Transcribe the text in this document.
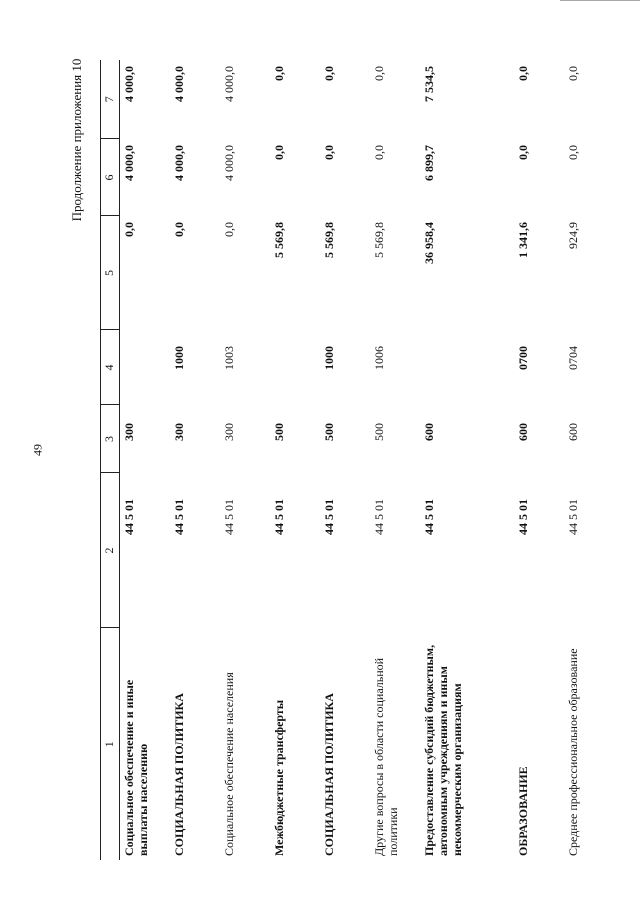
49
Продолжение приложения 10
1	2	3	4	5	6	7
Социальное обеспечение и иные выплаты населению	44 5 01	300		0,0	4 000,0	4 000,0
СОЦИАЛЬНАЯ ПОЛИТИКА	44 5 01	300	1000	0,0	4 000,0	4 000,0
Социальное обеспечение населения	44 5 01	300	1003	0,0	4 000,0	4 000,0
Межбюджетные трансферты	44 5 01	500		5 569,8	0,0	0,0
СОЦИАЛЬНАЯ ПОЛИТИКА	44 5 01	500	1000	5 569,8	0,0	0,0
Другие вопросы в области социальной политики	44 5 01	500	1006	5 569,8	0,0	0,0
Предоставление субсидий бюджетным, автономным учреждениям и иным некоммерческим организациям	44 5 01	600		36 958,4	6 899,7	7 534,5
ОБРАЗОВАНИЕ	44 5 01	600	0700	1 341,6	0,0	0,0
Среднее профессиональное образование	44 5 01	600	0704	924,9	0,0	0,0
